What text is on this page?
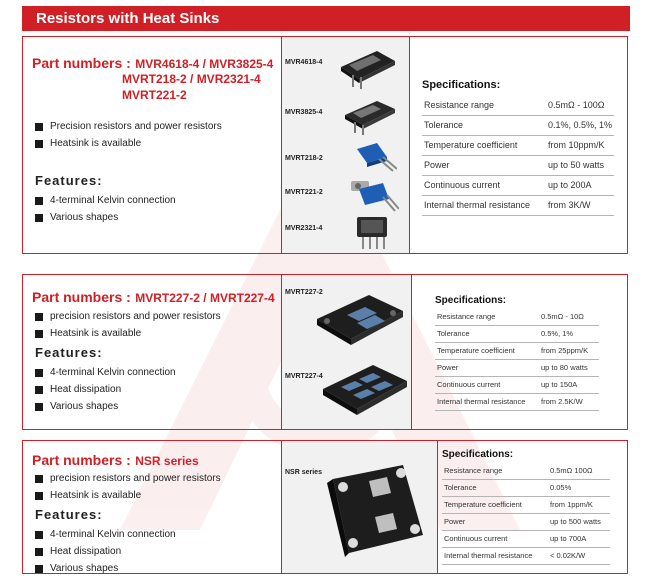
Resistors with Heat Sinks
Part numbers : MVR4618-4 / MVR3825-4
MVRT218-2 / MVR2321-4
MVRT221-2
Precision resistors and power resistors
Heatsink is available
Features:
4-terminal Kelvin connection
Various shapes
MVR4618-4
MVR3825-4
MVRT218-2
MVRT221-2
MVR2321-4
Specifications:
Resistance range	0.5mΩ - 100Ω
Tolerance	0.1%, 0.5%, 1%
Temperature coefficient	from 10ppm/K
Power	up to 50 watts
Continuous current	up to 200A
Internal thermal resistance	from 3K/W
Part numbers : MVRT227-2 / MVRT227-4
precision resistors and power resistors
Heatsink is available
Features:
4-terminal Kelvin connection
Heat dissipation
Various shapes
MVRT227-2
MVRT227-4
Specifications:
Resistance range	0.5mΩ - 10Ω
Tolerance	0.5%, 1%
Temperature coefficient	from 25ppm/K
Power	up to 80 watts
Continuous current	up to 150A
Internal thermal resistance	from 2.5K/W
Part numbers : NSR series
precision resistors and power resistors
Heatsink is available
Features:
4-terminal Kelvin connection
Heat dissipation
Various shapes
NSR series
Specifications:
Resistance range	0.5mΩ 100Ω
Tolerance	0.05%
Temperature coefficient	from 1ppm/K
Power	up to 500 watts
Continuous current	up to 700A
Internal thermal resistance	< 0.02K/W
